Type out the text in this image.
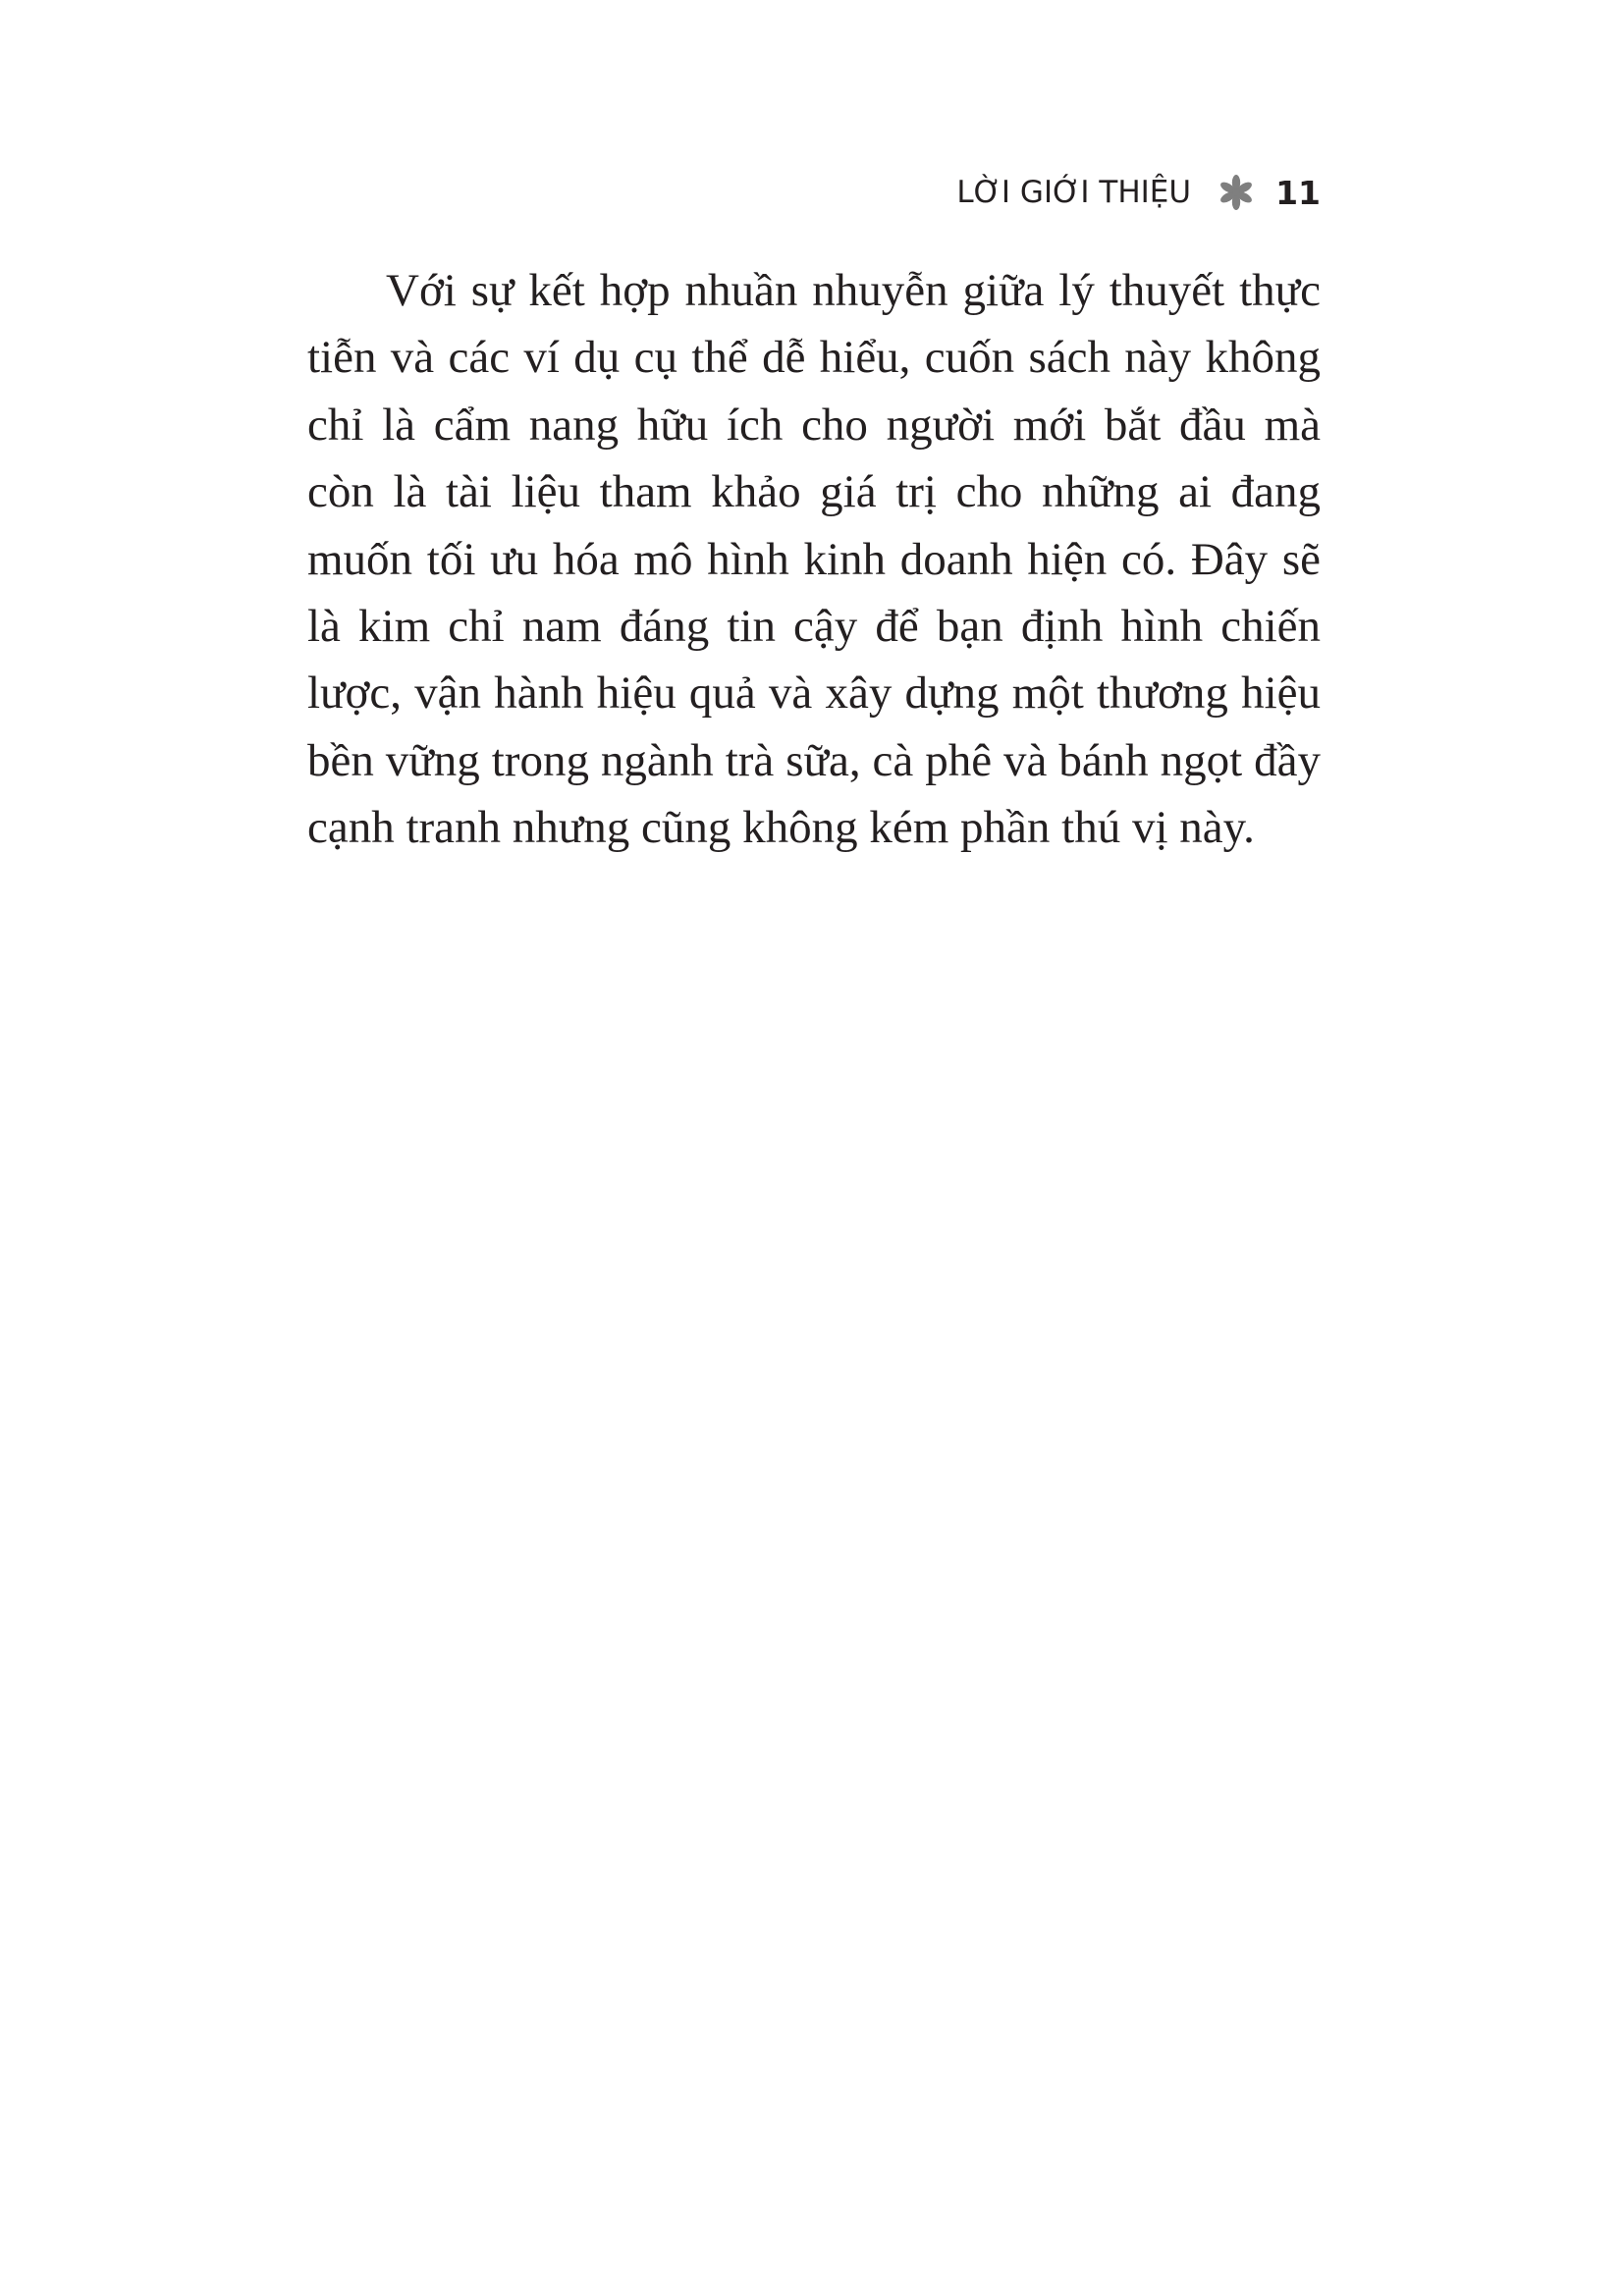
LỜI GIỚI THIỆU	11

Với sự kết hợp nhuần nhuyễn giữa lý thuyết thực tiễn và các ví dụ cụ thể dễ hiểu, cuốn sách này không chỉ là cẩm nang hữu ích cho người mới bắt đầu mà còn là tài liệu tham khảo giá trị cho những ai đang muốn tối ưu hóa mô hình kinh doanh hiện có. Đây sẽ là kim chỉ nam đáng tin cậy để bạn định hình chiến lược, vận hành hiệu quả và xây dựng một thương hiệu bền vững trong ngành trà sữa, cà phê và bánh ngọt đầy cạnh tranh nhưng cũng không kém phần thú vị này.
